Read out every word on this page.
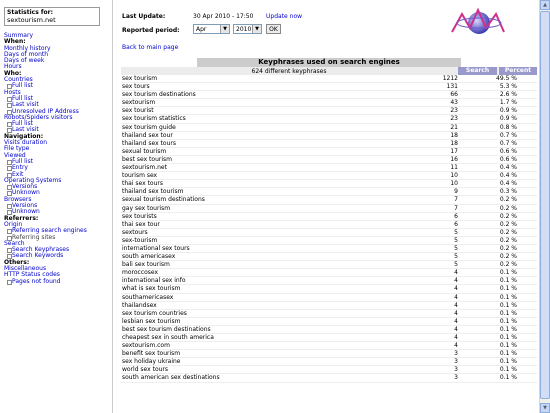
Statistics for:
sextourism.net
Summary
When:
Monthly history
Days of month
Days of week
Hours
Who:
Countries
Full list
Hosts
Full list
Last visit
Unresolved IP Address
Robots/Spiders visitors
Full list
Last visit
Navigation:
Visits duration
File type
Viewed
Full list
Entry
Exit
Operating Systems
Versions
Unknown
Browsers
Versions
Unknown
Referrers:
Origin
Referring search engines
Referring sites
Search
Search Keyphrases
Search Keywords
Others:
Miscellaneous
HTTP Status codes
Pages not found
Last Update:	30 Apr 2010 - 17:50 Update now
Reported period:	Apr	▼	2010 ▼	OK
Back to main page
Keyphrases used on search engines
624 different keyphrases	Search	Percent
sex tourism	1212	49.5 %
sex tours	131	5.3 %
sex tourism destinations	66	2.6 %
sextourism	43	1.7 %
sex tourist	23	0.9 %
sex tourism statistics	23	0.9 %
sex tourism guide	21	0.8 %
thailand sex tour	18	0.7 %
thailand sex tours	18	0.7 %
sexual tourism	17	0.6 %
best sex tourism	16	0.6 %
sextourism.net	11	0.4 %
tourism sex	10	0.4 %
thai sex tours	10	0.4 %
thailand sex tourism	9	0.3 %
sexual tourism destinations	7	0.2 %
gay sex tourism	7	0.2 %
sex tourists	6	0.2 %
thai sex tour	6	0.2 %
sextours	5	0.2 %
sex-tourism	5	0.2 %
international sex tours	5	0.2 %
south americasex	5	0.2 %
bali sex tourism	5	0.2 %
moroccosex	4	0.1 %
international sex info	4	0.1 %
what is sex tourism	4	0.1 %
southamericasex	4	0.1 %
thailandsex	4	0.1 %
sex tourism countries	4	0.1 %
lesbian sex tourism	4	0.1 %
best sex tourism destinations	4	0.1 %
cheapest sex in south america	4	0.1 %
sextourism.com	4	0.1 %
benefit sex tourism	3	0.1 %
sex holiday ukraine	3	0.1 %
world sex tours	3	0.1 %
south american sex destinations	3	0.1 %
▲
▼
